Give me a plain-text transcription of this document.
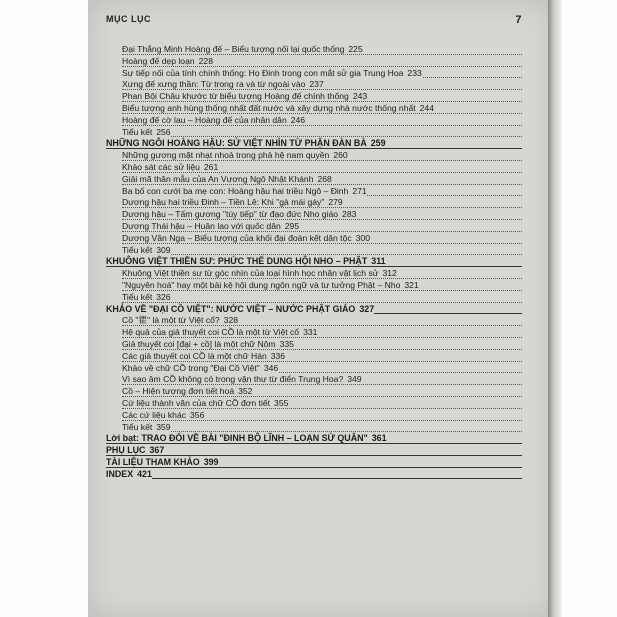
MỤC LỤC	7
Đại Thắng Minh Hoàng đế – Biểu tượng nối lại quốc thống 225
Hoàng đế dẹp loạn 228
Sự tiếp nối của tính chính thống: Họ Đinh trong con mắt sử gia Trung Hoa 233
Xưng đế xưng thần: Từ trong ra và từ ngoài vào 237
Phan Bội Châu khước từ biểu tượng Hoàng đế chính thống 243
Biểu tượng anh hùng thống nhất đất nước và xây dựng nhà nước thống nhất 244
Hoàng đế cờ lau – Hoàng đế của nhân dân 246
Tiểu kết 256
NHỮNG NGÔI HOÀNG HẬU: SỬ VIỆT NHÌN TỪ PHẬN ĐÀN BÀ 259
Những gương mặt nhạt nhoà trong phả hệ nam quyền 260
Khảo sát các sử liệu 261
Giải mã thân mẫu của An Vương Ngô Nhật Khánh 268
Ba bố con cưới ba mẹ con: Hoàng hậu hai triều Ngô – Đinh 271
Dương hậu hai triều Đinh – Tiền Lê: Khi "gà mái gáy" 279
Dương hậu – Tấm gương "tùy tiếp" từ đạo đức Nho giáo 283
Dương Thái hậu – Huân lao với quốc dân 295
Dương Vân Nga – Biểu tượng của khối đại đoàn kết dân tộc 300
Tiểu kết 309
KHUÔNG VIỆT THIỀN SƯ: PHỨC THỂ DUNG HỘI NHO – PHẬT 311
Khuông Việt thiền sư từ góc nhìn của loại hình học nhân vật lịch sử 312
"Nguyên hoá" hay một bài kệ hội dung ngôn ngữ và tư tưởng Phật – Nho 321
Tiểu kết 326
KHẢO VỀ "ĐẠI CỒ VIỆT": NƯỚC VIỆT – NƯỚC PHẬT GIÁO 327
Cồ "瞿" là một từ Việt cổ? 328
Hệ quả của giả thuyết coi CỒ là một từ Việt cổ 331
Giả thuyết coi [đại + cồ] là một chữ Nôm 335
Các giả thuyết coi CỒ là một chữ Hán 336
Khảo về chữ CỒ trong "Đại Cồ Việt" 346
Vì sao âm CỒ không có trong vận thư từ điển Trung Hoa? 349
Cồ – Hiện tượng đơn tiết hoá 352
Cứ liệu thành văn của chữ CỒ đơn tiết 355
Các cứ liệu khác 356
Tiểu kết 359
Lời bạt: TRAO ĐỔI VỀ BÀI "ĐINH BỘ LĨNH – LOẠN SỨ QUÂN" 361
PHỤ LỤC 367
TÀI LIỆU THAM KHẢO 399
INDEX 421
